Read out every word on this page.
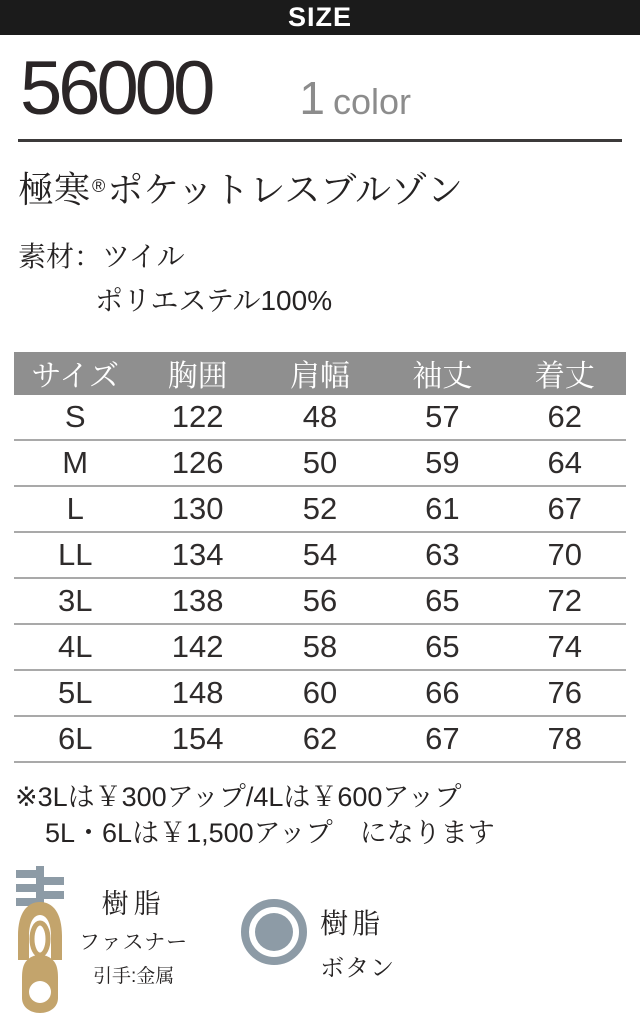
SIZE
56000 1 color
極寒 ®ポケットレスブルゾン
素材：ツイル
ポリエステル100%
サイズ	胸囲	肩幅	袖丈	着丈
S	122	48	57	62
M	126	50	59	64
L	130	52	61	67
LL	134	54	63	70
3L	138	56	65	72
4L	142	58	65	74
5L	148	60	66	76
6L	154	62	67	78
※3Lは￥300アップ/4Lは￥600アップ
5L・6Lは￥1,500アップ　になります
樹脂
ファスナー
引手:金属
樹脂
ボタン
